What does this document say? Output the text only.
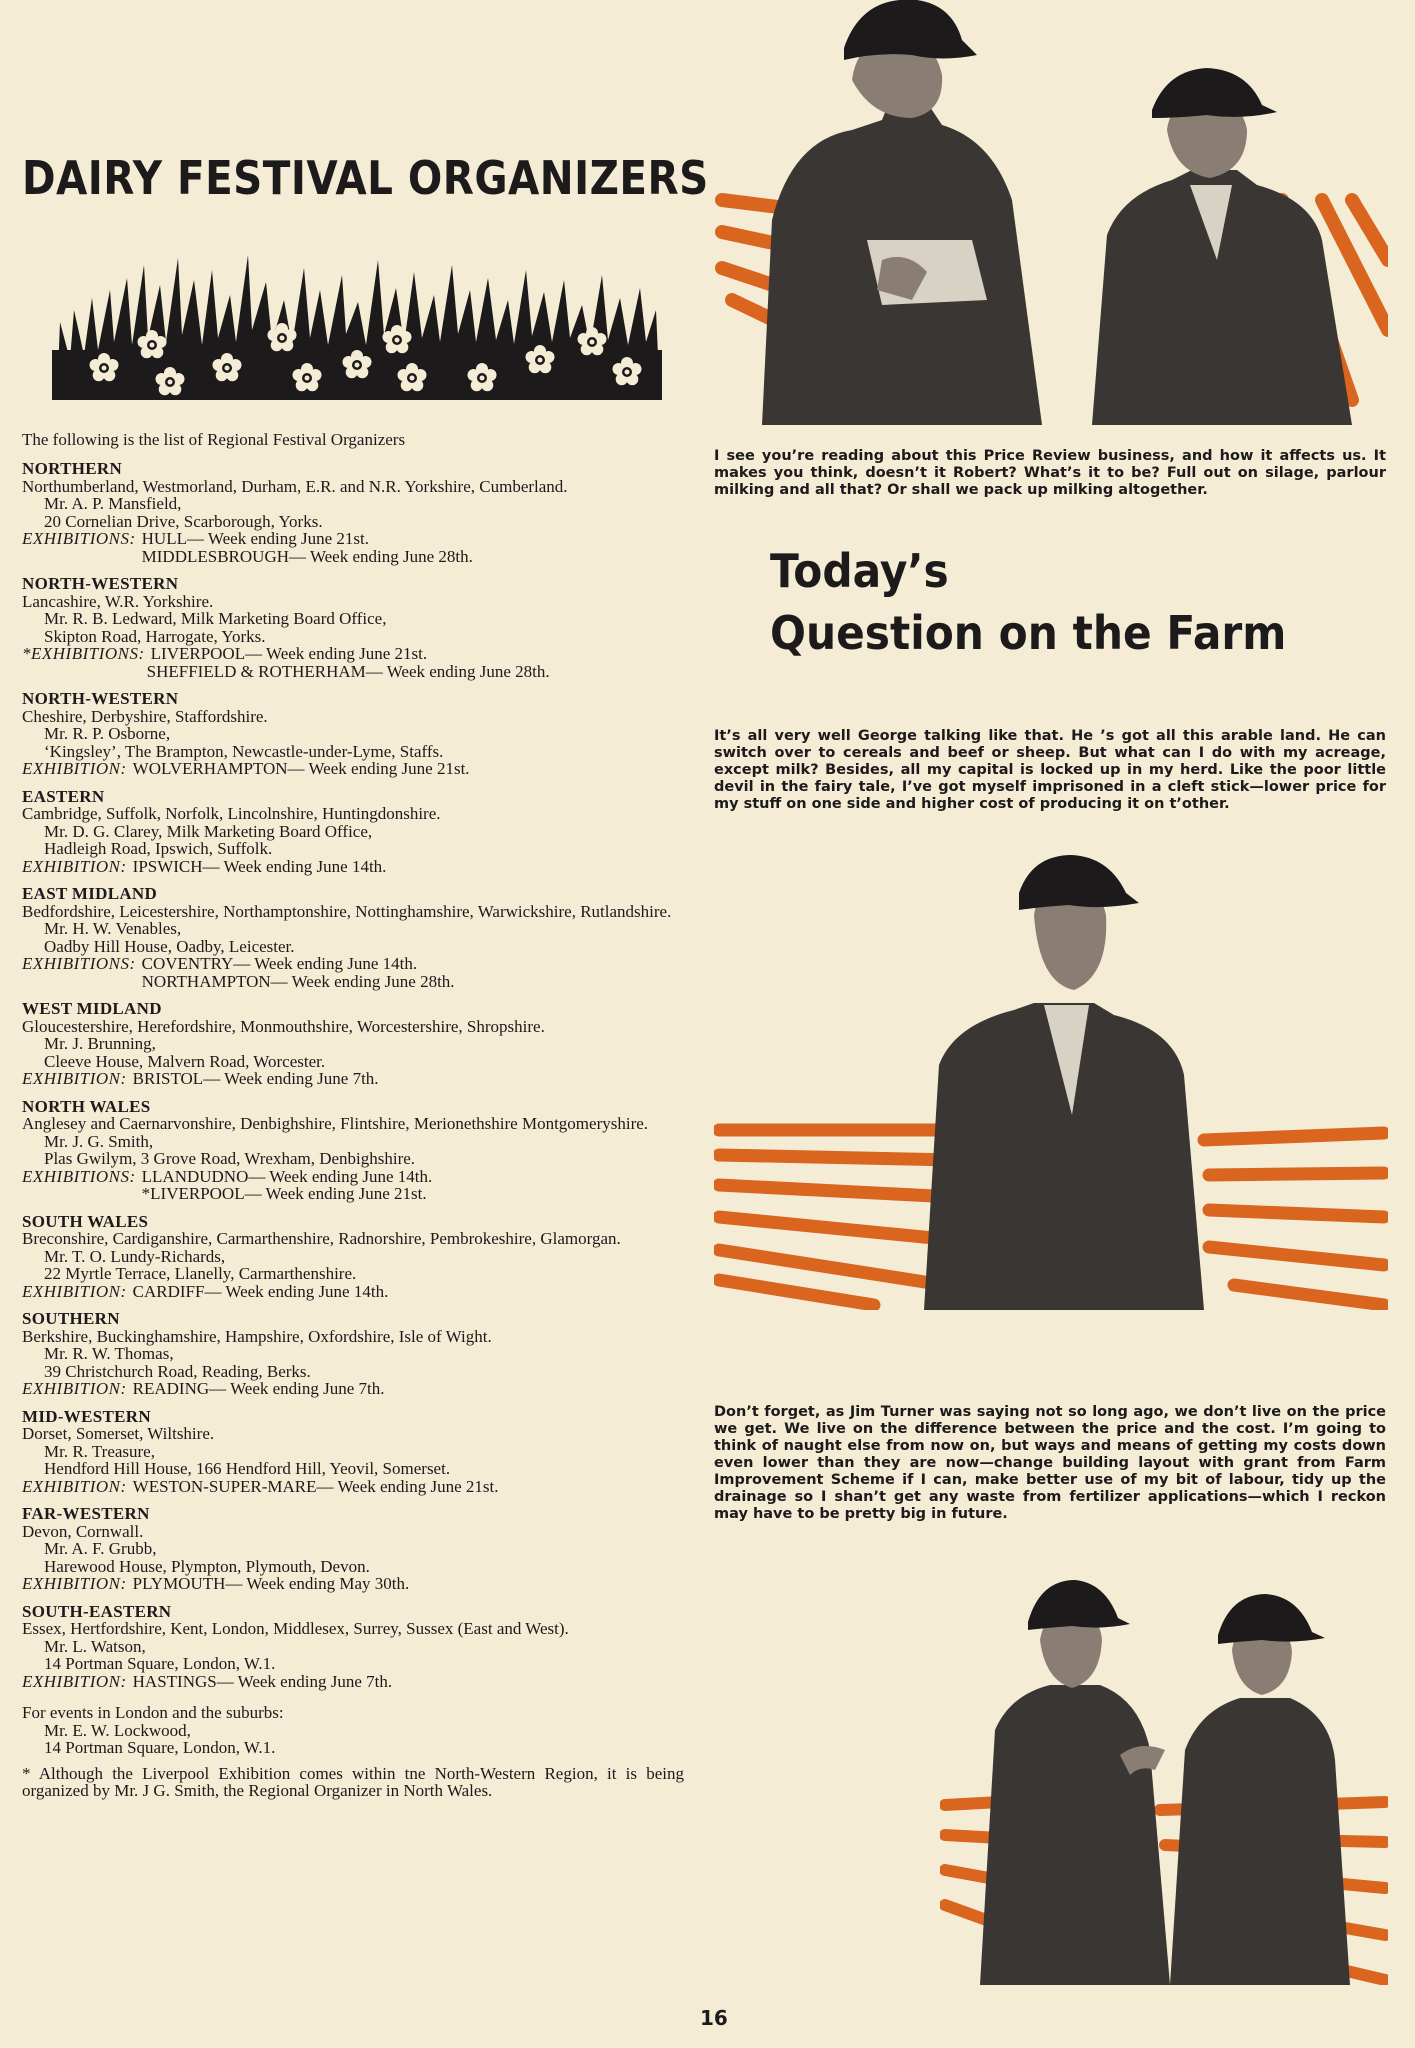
DAIRY FESTIVAL ORGANIZERS
The following is the list of Regional Festival Organizers
NORTHERN
Northumberland, Westmorland, Durham, E.R. and N.R. Yorkshire, Cumberland.
Mr. A. P. Mansfield,
20 Cornelian Drive, Scarborough, Yorks.
EXHIBITIONS: HULL— Week ending June 21st.
MIDDLESBROUGH— Week ending June 28th.
NORTH-WESTERN
Lancashire, W.R. Yorkshire.
Mr. R. B. Ledward, Milk Marketing Board Office,
Skipton Road, Harrogate, Yorks.
*EXHIBITIONS: LIVERPOOL— Week ending June 21st.
SHEFFIELD & ROTHERHAM— Week ending June 28th.
NORTH-WESTERN
Cheshire, Derbyshire, Staffordshire.
Mr. R. P. Osborne,
‘Kingsley’, The Brampton, Newcastle-under-Lyme, Staffs.
EXHIBITION: WOLVERHAMPTON— Week ending June 21st.
EASTERN
Cambridge, Suffolk, Norfolk, Lincolnshire, Huntingdonshire.
Mr. D. G. Clarey, Milk Marketing Board Office,
Hadleigh Road, Ipswich, Suffolk.
EXHIBITION: IPSWICH— Week ending June 14th.
EAST MIDLAND
Bedfordshire, Leicestershire, Northamptonshire, Nottinghamshire, Warwickshire, Rutlandshire.
Mr. H. W. Venables,
Oadby Hill House, Oadby, Leicester.
EXHIBITIONS: COVENTRY— Week ending June 14th.
NORTHAMPTON— Week ending June 28th.
WEST MIDLAND
Gloucestershire, Herefordshire, Monmouthshire, Worcestershire, Shropshire.
Mr. J. Brunning,
Cleeve House, Malvern Road, Worcester.
EXHIBITION: BRISTOL— Week ending June 7th.
NORTH WALES
Anglesey and Caernarvonshire, Denbighshire, Flintshire, Merionethshire Montgomeryshire.
Mr. J. G. Smith,
Plas Gwilym, 3 Grove Road, Wrexham, Denbighshire.
EXHIBITIONS: LLANDUDNO— Week ending June 14th.
*LIVERPOOL— Week ending June 21st.
SOUTH WALES
Breconshire, Cardiganshire, Carmarthenshire, Radnorshire, Pembrokeshire, Glamorgan.
Mr. T. O. Lundy-Richards,
22 Myrtle Terrace, Llanelly, Carmarthenshire.
EXHIBITION: CARDIFF— Week ending June 14th.
SOUTHERN
Berkshire, Buckinghamshire, Hampshire, Oxfordshire, Isle of Wight.
Mr. R. W. Thomas,
39 Christchurch Road, Reading, Berks.
EXHIBITION: READING— Week ending June 7th.
MID-WESTERN
Dorset, Somerset, Wiltshire.
Mr. R. Treasure,
Hendford Hill House, 166 Hendford Hill, Yeovil, Somerset.
EXHIBITION: WESTON-SUPER-MARE— Week ending June 21st.
FAR-WESTERN
Devon, Cornwall.
Mr. A. F. Grubb,
Harewood House, Plympton, Plymouth, Devon.
EXHIBITION: PLYMOUTH— Week ending May 30th.
SOUTH-EASTERN
Essex, Hertfordshire, Kent, London, Middlesex, Surrey, Sussex (East and West).
Mr. L. Watson,
14 Portman Square, London, W.1.
EXHIBITION: HASTINGS— Week ending June 7th.
For events in London and the suburbs:
Mr. E. W. Lockwood,
14 Portman Square, London, W.1.
* Although the Liverpool Exhibition comes within tne North-Western Region, it is being organized by Mr. J G. Smith, the Regional Organizer in North Wales.
I see you’re reading about this Price Review business, and how it affects us. It makes you think, doesn’t it Robert? What’s it to be? Full out on silage, parlour milking and all that? Or shall we pack up milking altogether.
Today’s
Question on the Farm
It’s all very well George talking like that. He ’s got all this arable land. He can switch over to cereals and beef or sheep. But what can I do with my acreage, except milk? Besides, all my capital is locked up in my herd. Like the poor little devil in the fairy tale, I’ve got myself imprisoned in a cleft stick—lower price for my stuff on one side and higher cost of producing it on t’other.
Don’t forget, as Jim Turner was saying not so long ago, we don’t live on the price we get. We live on the difference between the price and the cost. I’m going to think of naught else from now on, but ways and means of getting my costs down even lower than they are now—change building layout with grant from Farm Improvement Scheme if I can, make better use of my bit of labour, tidy up the drainage so I shan’t get any waste from fertilizer applications—which I reckon may have to be pretty big in future.
16
